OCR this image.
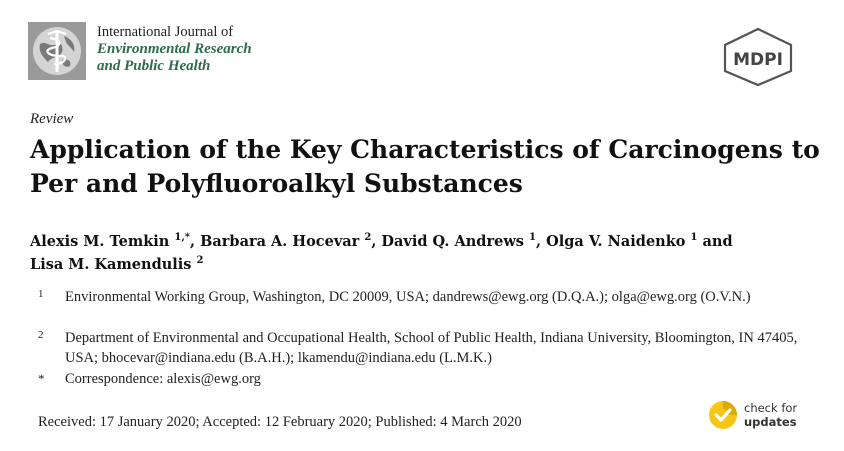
International Journal of
Environmental Research
and Public Health	MDPI
Review
Application of the Key Characteristics of Carcinogens to Per and Polyfluoroalkyl Substances
Alexis M. Temkin $^{1,*}$, Barbara A. Hocevar $^2$, David Q. Andrews $^1$, Olga V. Naidenko $^1$ and
Lisa M. Kamendulis $^2$
1 Environmental Working Group, Washington, DC 20009, USA; dandrews@ewg.org (D.Q.A.); olga@ewg.org (O.V.N.)
2 Department of Environmental and Occupational Health, School of Public Health, Indiana University, Bloomington, IN 47405, USA; bhocevar@indiana.edu (B.A.H.); lkamendu@indiana.edu (L.M.K.)
* Correspondence: alexis@ewg.org
Received: 17 January 2020; Accepted: 12 February 2020; Published: 4 March 2020
check for
updates
